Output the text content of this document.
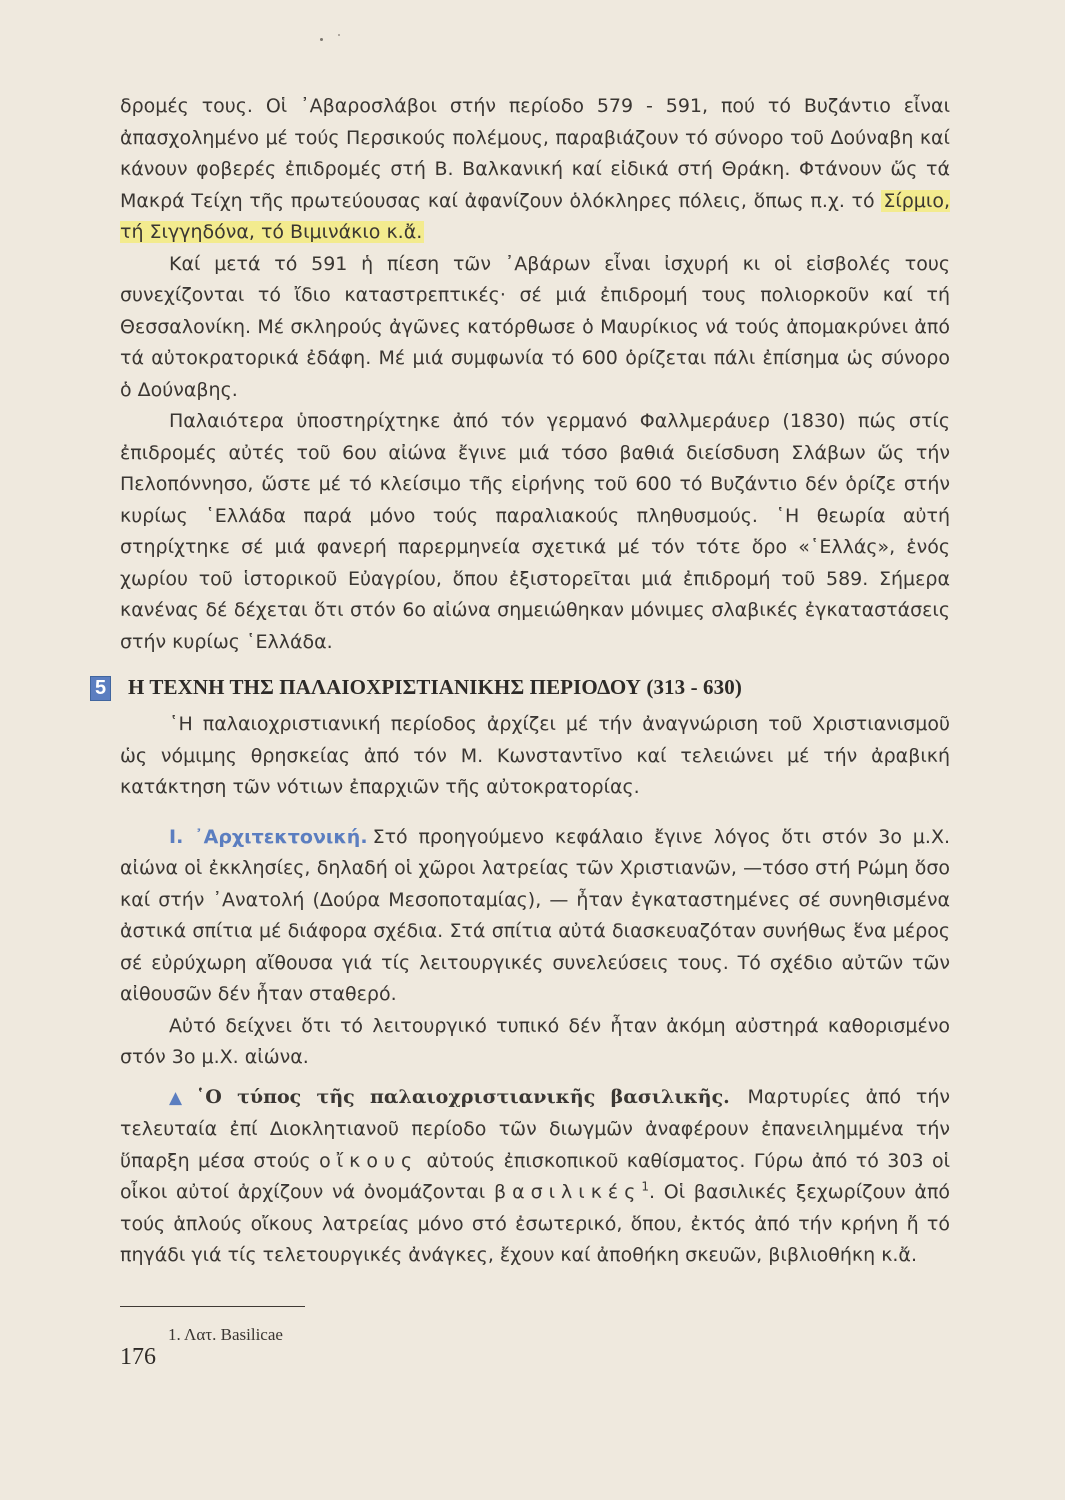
δρομές τους. Οἱ ᾿Αβαροσλάβοι στήν περίοδο 579 - 591, πού τό Βυζάντιο εἶναι ἀπασχολημένο μέ τούς Περσικούς πολέμους, παραβιάζουν τό σύνορο τοῦ Δούναβη καί κάνουν φοβερές ἐπιδρομές στή Β. Βαλκανική καί εἰδικά στή Θράκη. Φτάνουν ὥς τά Μακρά Τείχη τῆς πρωτεύουσας καί ἀφανίζουν ὁλόκληρες πόλεις, ὅπως π.χ. τό Σίρμιο, τή Σιγγηδόνα, τό Βιμινάκιο κ.ἄ.

Καί μετά τό 591 ἡ πίεση τῶν ᾿Αβάρων εἶναι ἰσχυρή κι οἱ εἰσβολές τους συνεχίζονται τό ἴδιο καταστρεπτικές· σέ μιά ἐπιδρομή τους πολιορκοῦν καί τή Θεσσαλονίκη. Μέ σκληρούς ἀγῶνες κατόρθωσε ὁ Μαυρίκιος νά τούς ἀπομακρύνει ἀπό τά αὐτοκρατορικά ἐδάφη. Μέ μιά συμφωνία τό 600 ὁρίζεται πάλι ἐπίσημα ὡς σύνορο ὁ Δούναβης.

Παλαιότερα ὑποστηρίχτηκε ἀπό τόν γερμανό Φαλλμεράυερ (1830) πώς στίς ἐπιδρομές αὐτές τοῦ 6ου αἰώνα ἔγινε μιά τόσο βαθιά διείσδυση Σλάβων ὥς τήν Πελοπόννησο, ὥστε μέ τό κλείσιμο τῆς εἰρήνης τοῦ 600 τό Βυζάντιο δέν ὁρίζε στήν κυρίως ῾Ελλάδα παρά μόνο τούς παραλιακούς πληθυσμούς. ῾Η θεωρία αὐτή στηρίχτηκε σέ μιά φανερή παρερμηνεία σχετικά μέ τόν τότε ὅρο «῾Ελλάς», ἑνός χωρίου τοῦ ἱστορικοῦ Εὐαγρίου, ὅπου ἐξιστορεῖται μιά ἐπιδρομή τοῦ 589. Σήμερα κανένας δέ δέχεται ὅτι στόν 6ο αἰώνα σημειώθηκαν μόνιμες σλαβικές ἐγκαταστάσεις στήν κυρίως ῾Ελλάδα.

5 Η ΤΕΧΝΗ ΤΗΣ ΠΑΛΑΙΟΧΡΙΣΤΙΑΝΙΚΗΣ ΠΕΡΙΟΔΟΥ (313 - 630)

῾Η παλαιοχριστιανική περίοδος ἀρχίζει μέ τήν ἀναγνώριση τοῦ Χριστιανισμοῦ ὡς νόμιμης θρησκείας ἀπό τόν Μ. Κωνσταντῖνο καί τελειώνει μέ τήν ἀραβική κατάκτηση τῶν νότιων ἐπαρχιῶν τῆς αὐτοκρατορίας.

I. ᾿Αρχιτεκτονική. Στό προηγούμενο κεφάλαιο ἔγινε λόγος ὅτι στόν 3ο μ.Χ. αἰώνα οἱ ἐκκλησίες, δηλαδή οἱ χῶροι λατρείας τῶν Χριστιανῶν, —τόσο στή Ρώμη ὅσο καί στήν ᾿Ανατολή (Δούρα Μεσοποταμίας), — ἦταν ἐγκαταστημένες σέ συνηθισμένα ἀστικά σπίτια μέ διάφορα σχέδια. Στά σπίτια αὐτά διασκευαζόταν συνήθως ἕνα μέρος σέ εὐρύχωρη αἴθουσα γιά τίς λειτουργικές συνελεύσεις τους. Τό σχέδιο αὐτῶν τῶν αἰθουσῶν δέν ἦταν σταθερό.

Αὐτό δείχνει ὅτι τό λειτουργικό τυπικό δέν ἦταν ἀκόμη αὐστηρά καθορισμένο στόν 3ο μ.Χ. αἰώνα.

▲ ῾Ο τύπος τῆς παλαιοχριστιανικῆς βασιλικῆς. Μαρτυρίες ἀπό τήν τελευταία ἐπί Διοκλητιανοῦ περίοδο τῶν διωγμῶν ἀναφέρουν ἐπανειλημμένα τήν ὕπαρξη μέσα στούς οἴκους αὐτούς ἐπισκοπικοῦ καθίσματος. Γύρω ἀπό τό 303 οἱ οἶκοι αὐτοί ἀρχίζουν νά ὀνομάζονται βασιλικές$^1$. Οἱ βασιλικές ξεχωρίζουν ἀπό τούς ἁπλούς οἴκους λατρείας μόνο στό ἐσωτερικό, ὅπου, ἐκτός ἀπό τήν κρήνη ἤ τό πηγάδι γιά τίς τελετουργικές ἀνάγκες, ἔχουν καί ἀποθήκη σκευῶν, βιβλιοθήκη κ.ἄ.

1. Λατ. Basilicae
176
